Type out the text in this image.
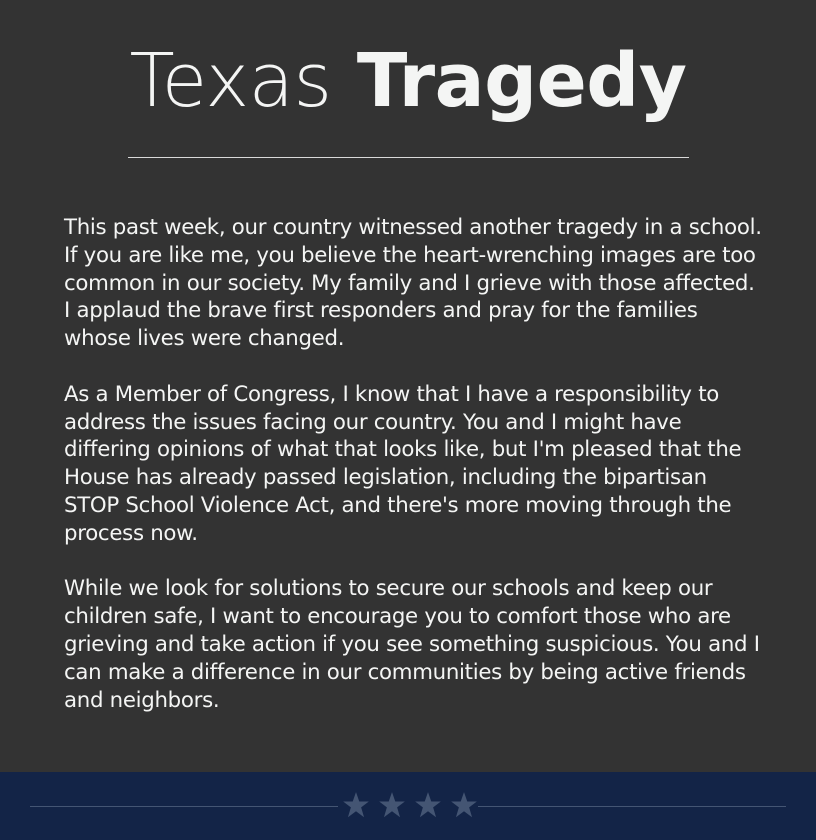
Texas Tragedy

This past week, our country witnessed another tragedy in a school. If you are like me, you believe the heart-wrenching images are too common in our society. My family and I grieve with those affected. I applaud the brave first responders and pray for the families whose lives were changed.

As a Member of Congress, I know that I have a responsibility to address the issues facing our country. You and I might have differing opinions of what that looks like, but I'm pleased that the House has already passed legislation, including the bipartisan STOP School Violence Act, and there's more moving through the process now.

While we look for solutions to secure our schools and keep our children safe, I want to encourage you to comfort those who are grieving and take action if you see something suspicious. You and I can make a difference in our communities by being active friends and neighbors.
